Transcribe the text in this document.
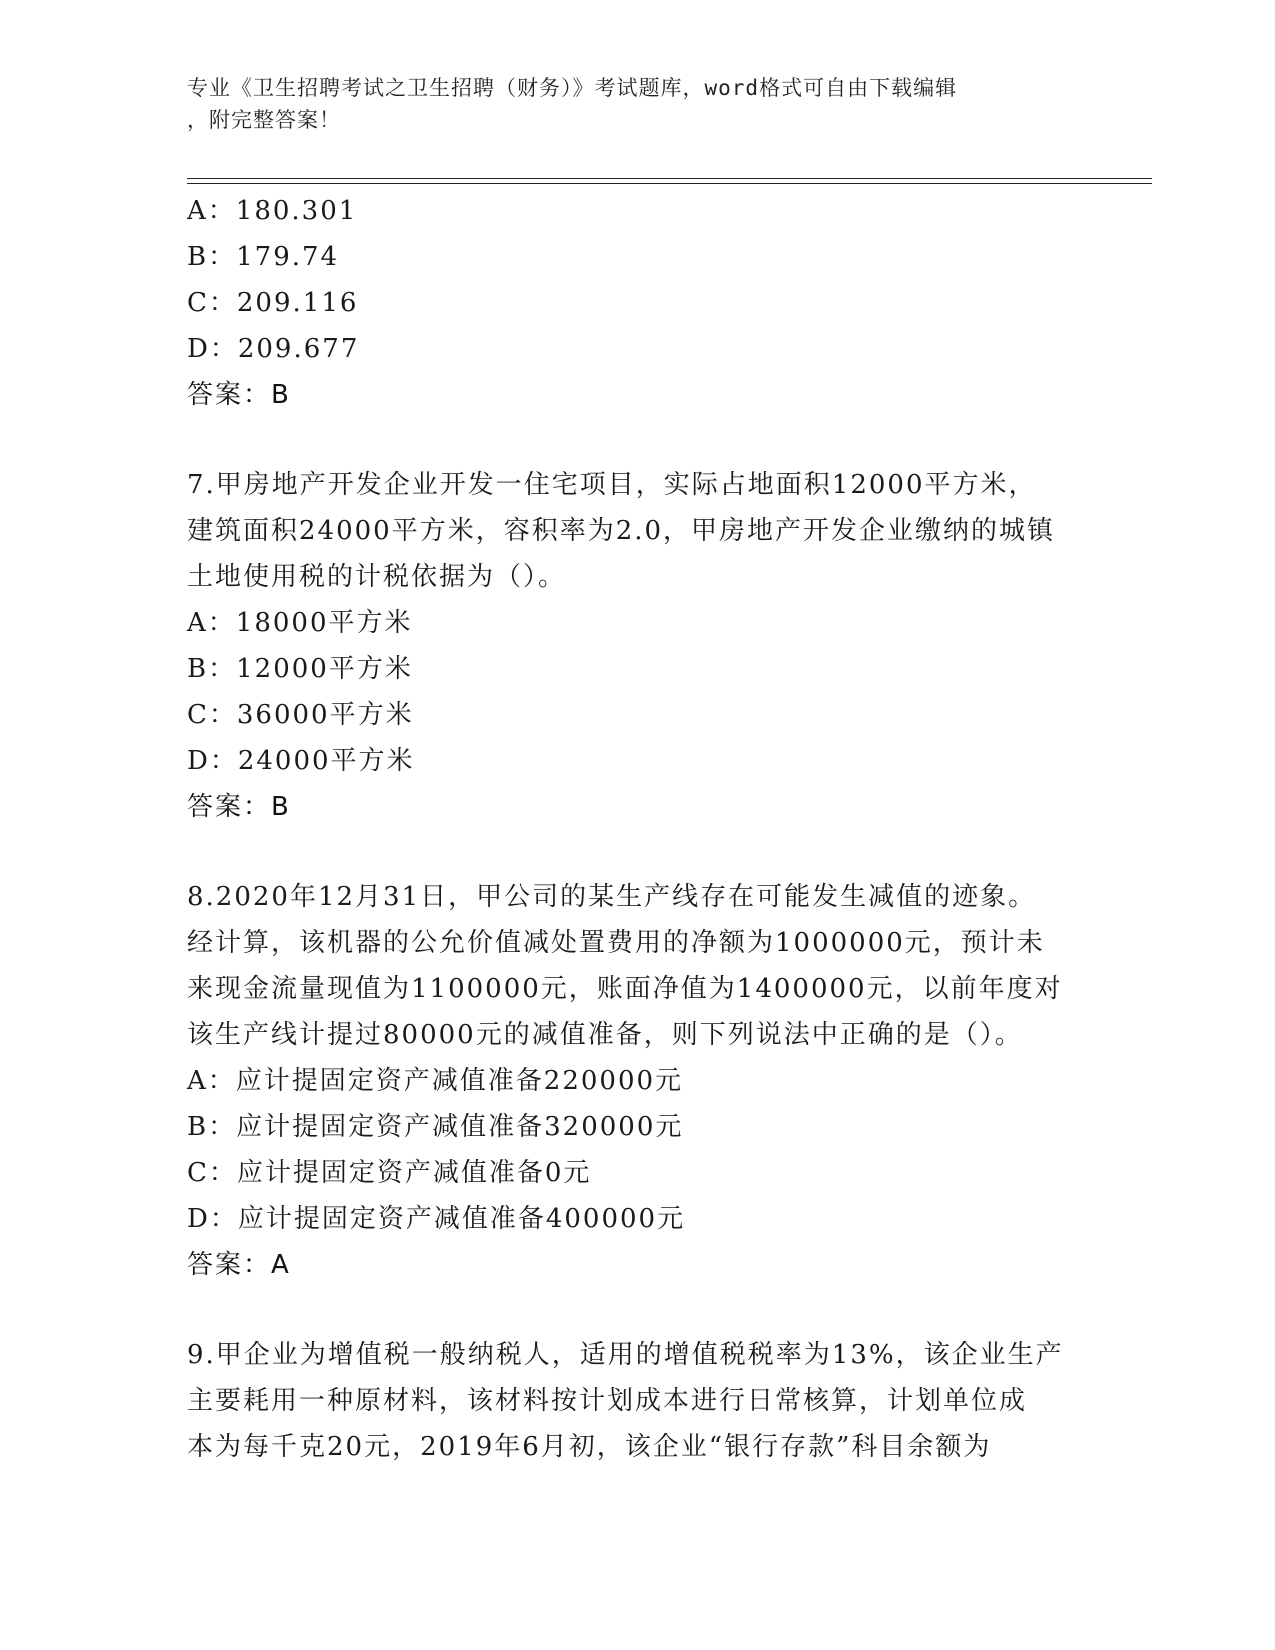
专业《卫生招聘考试之卫生招聘（财务）》考试题库，word格式可自由下载编辑
，附完整答案！
A：180.301
B：179.74
C：209.116
D：209.677
答案：B
7.甲房地产开发企业开发一住宅项目，实际占地面积12000平方米，
建筑面积24000平方米，容积率为2.0，甲房地产开发企业缴纳的城镇
土地使用税的计税依据为（）。
A：18000平方米
B：12000平方米
C：36000平方米
D：24000平方米
答案：B
8.2020年12月31日，甲公司的某生产线存在可能发生减值的迹象。
经计算，该机器的公允价值减处置费用的净额为1000000元，预计未
来现金流量现值为1100000元，账面净值为1400000元，以前年度对
该生产线计提过80000元的减值准备，则下列说法中正确的是（）。
A：应计提固定资产减值准备220000元
B：应计提固定资产减值准备320000元
C：应计提固定资产减值准备0元
D：应计提固定资产减值准备400000元
答案：A
9.甲企业为增值税一般纳税人，适用的增值税税率为13%，该企业生产
主要耗用一种原材料，该材料按计划成本进行日常核算，计划单位成
本为每千克20元，2019年6月初，该企业“银行存款”科目余额为
